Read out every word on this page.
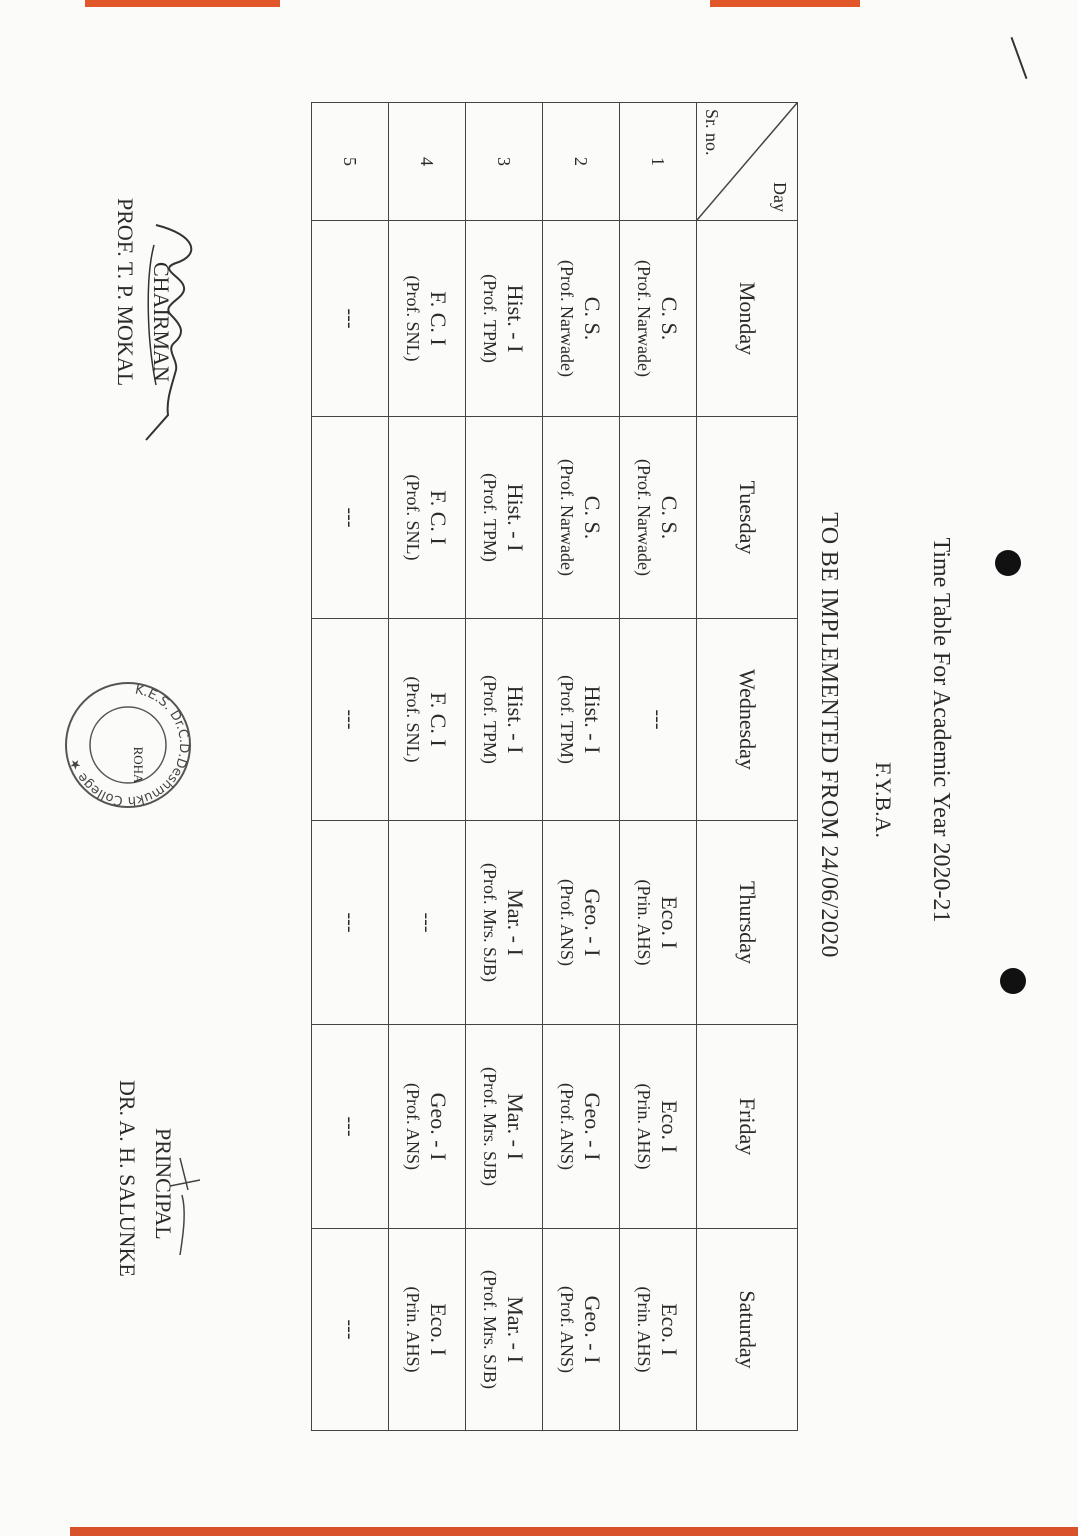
Time Table For Academic Year 2020-21
F.Y.B.A.
TO BE IMPLEMENTED FROM 24/06/2020
Day
Sr. no.	Monday	Tuesday	Wednesday	Thursday	Friday	Saturday
1	C. S.
(Prof. Narwade)	C. S.
(Prof. Narwade)	---	Eco. I
(Prin. AHS)	Eco. I
(Prin. AHS)	Eco. I
(Prin. AHS)

2	C. S.
(Prof. Narwade)	C. S.
(Prof. Narwade)	Hist. - I
(Prof. TPM)	Geo. - I
(Prof. ANS)	Geo. - I
(Prof. ANS)	Geo. - I
(Prof. ANS)

3	Hist. - I
(Prof. TPM)	Hist. - I
(Prof. TPM)	Hist. - I
(Prof. TPM)	Mar. - I
(Prof. Mrs. SJB)	Mar. - I
(Prof. Mrs. SJB)	Mar. - I
(Prof. Mrs. SJB)

4	F. C. I
(Prof. SNL)	F. C. I
(Prof. SNL)	F. C. I
(Prof. SNL)	---	Geo. - I
(Prof. ANS)	Eco. I
(Prin. AHS)

5	---	---	---	---	---	---
CHAIRMAN
PROF. T. P. MOKAL
PRINCIPAL
DR. A. H. SALUNKE
K.E.S. Dr.C.D.Deshmukh College ★	ROHA
